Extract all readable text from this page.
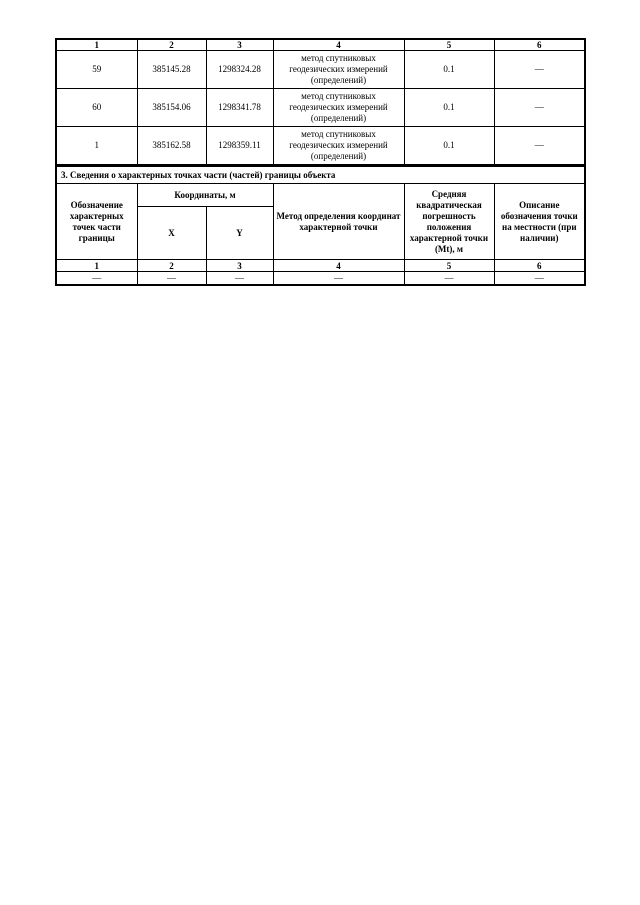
1	2	3	4	5	6
59	385145.28	1298324.28	метод спутниковых
геодезических измерений
(определений)	0.1	—
60	385154.06	1298341.78	метод спутниковых
геодезических измерений
(определений)	0.1	—
1	385162.58	1298359.11	метод спутниковых
геодезических измерений
(определений)	0.1	—
3. Сведения о характерных точках части (частей) границы объекта					
Обозначение характерных точек части границы	Координаты, м		Метод определения координат характерной точки	Средняя квадратическая погрешность положения характерной точки (Mt), м	Описание обозначения точки на местности (при наличии)
	X	Y			
1	2	3	4	5	6
—	—	—	—	—	—
